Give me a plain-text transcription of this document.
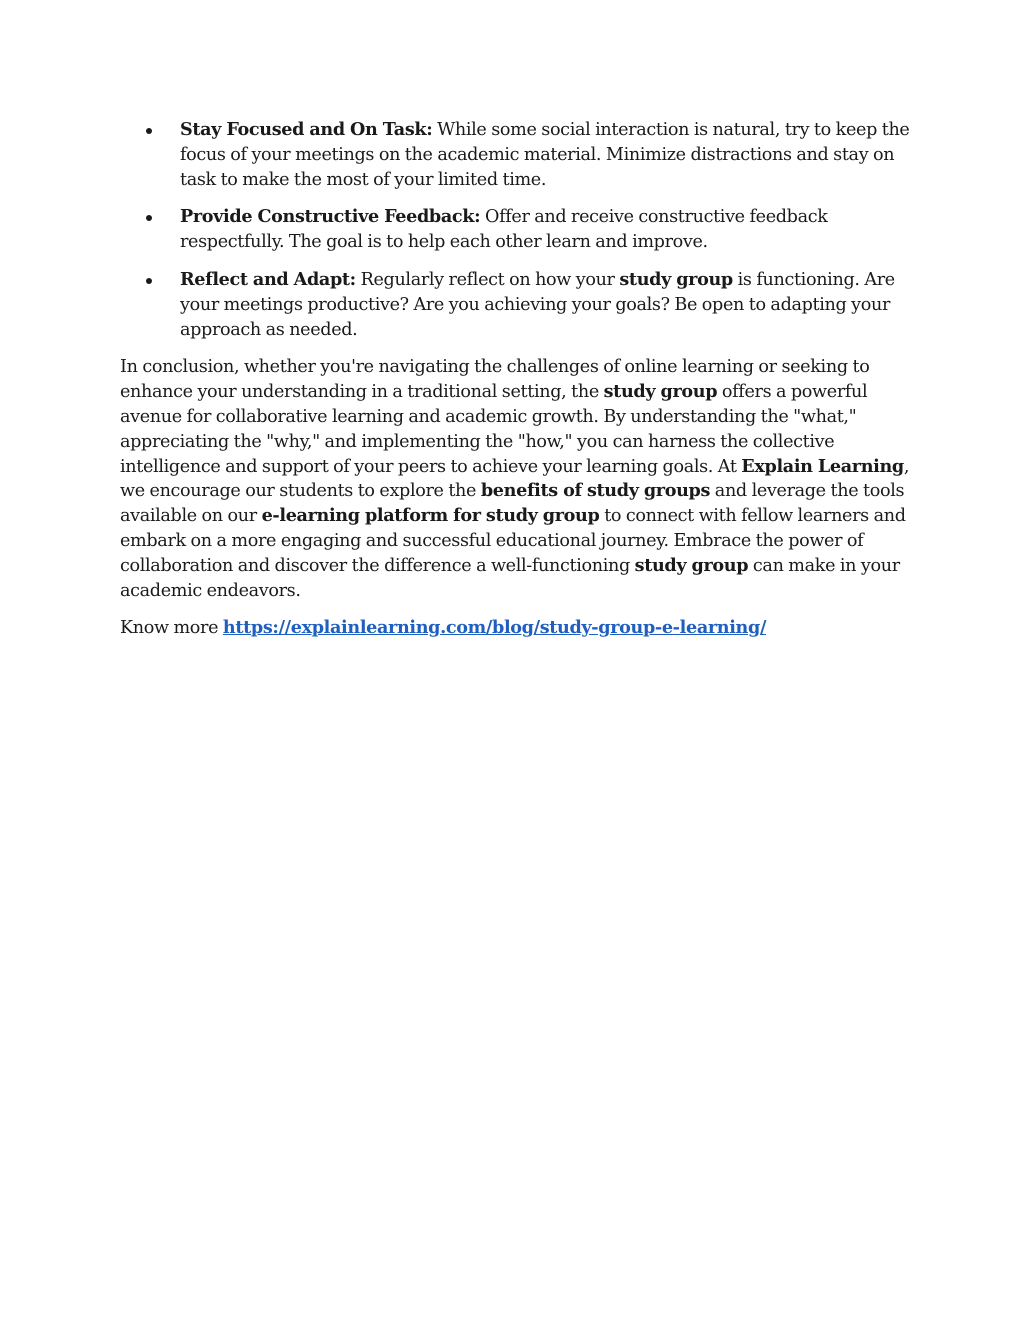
Stay Focused and On Task: While some social interaction is natural, try to keep the focus of your meetings on the academic material. Minimize distractions and stay on task to make the most of your limited time.
Provide Constructive Feedback: Offer and receive constructive feedback respectfully. The goal is to help each other learn and improve.
Reflect and Adapt: Regularly reflect on how your study group is functioning. Are your meetings productive? Are you achieving your goals? Be open to adapting your approach as needed.

In conclusion, whether you're navigating the challenges of online learning or seeking to enhance your understanding in a traditional setting, the study group offers a powerful avenue for collaborative learning and academic growth. By understanding the "what," appreciating the "why," and implementing the "how," you can harness the collective intelligence and support of your peers to achieve your learning goals. At Explain Learning, we encourage our students to explore the benefits of study groups and leverage the tools available on our e-learning platform for study group to connect with fellow learners and embark on a more engaging and successful educational journey. Embrace the power of collaboration and discover the difference a well-functioning study group can make in your academic endeavors.

Know more https://explainlearning.com/blog/study-group-e-learning/
